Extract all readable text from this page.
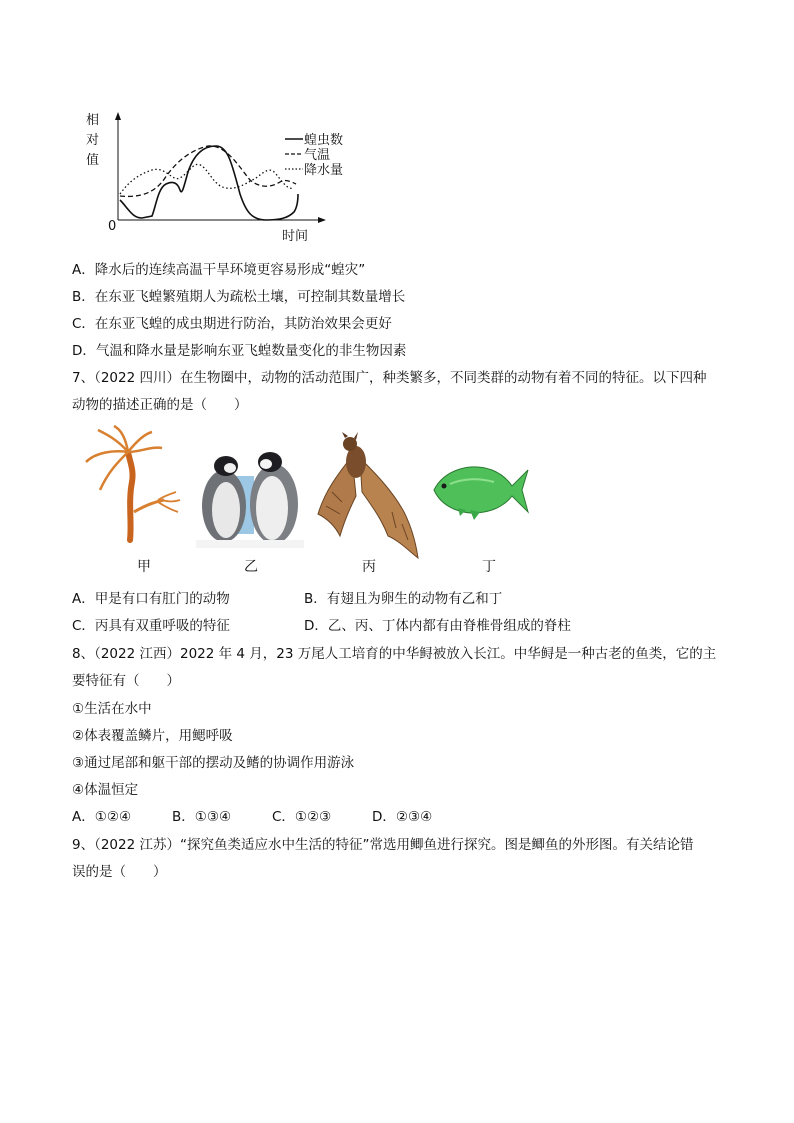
相
对
值
0
时间
蝗虫数
气温
降水量
A．降水后的连续高温干旱环境更容易形成“蝗灾”
B．在东亚飞蝗繁殖期人为疏松土壤，可控制其数量增长
C．在东亚飞蝗的成虫期进行防治，其防治效果会更好
D．气温和降水量是影响东亚飞蝗数量变化的非生物因素
7、（2022 四川）在生物圈中，动物的活动范围广，种类繁多，不同类群的动物有着不同的特征。以下四种
动物的描述正确的是（　　）
甲	乙	丙	丁
A．甲是有口有肛门的动物	B．有翅且为卵生的动物有乙和丁
C．丙具有双重呼吸的特征	D．乙、丙、丁体内都有由脊椎骨组成的脊柱
8、（2022 江西）2022 年 4 月，23 万尾人工培育的中华鲟被放入长江。中华鲟是一种古老的鱼类，它的主
要特征有（　　）
①生活在水中
②体表覆盖鳞片，用鳃呼吸
③通过尾部和躯干部的摆动及鳍的协调作用游泳
④体温恒定
A．①②④	B．①③④	C．①②③	D．②③④
9、（2022 江苏）“探究鱼类适应水中生活的特征”常选用鲫鱼进行探究。图是鲫鱼的外形图。有关结论错
误的是（　　）
